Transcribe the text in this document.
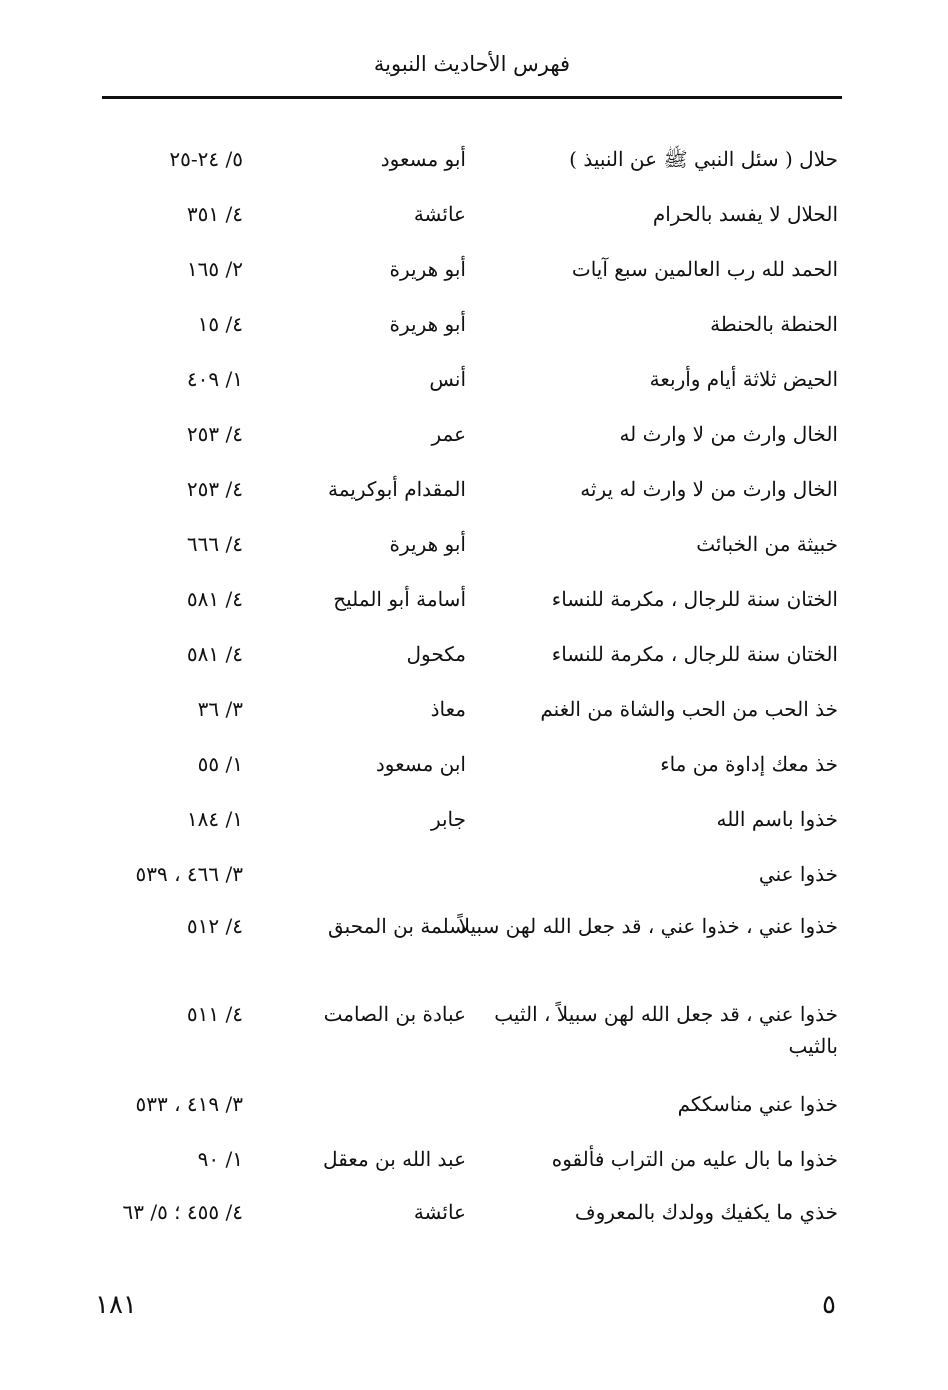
فهرس الأحاديث النبوية
حلال ( سئل النبي ﷺ عن النبيذ )
أبو مسعود
٥/ ٢٤-٢٥
الحلال لا يفسد بالحرام
عائشة
٤/ ٣٥١
الحمد لله رب العالمين سبع آيات
أبو هريرة
٢/ ١٦٥
الحنطة بالحنطة
أبو هريرة
٤/ ١٥
الحيض ثلاثة أيام وأربعة
أنس
١/ ٤٠٩
الخال وارث من لا وارث له
عمر
٤/ ٢٥٣
الخال وارث من لا وارث له يرثه
المقدام أبوكريمة
٤/ ٢٥٣
خبيثة من الخبائث
أبو هريرة
٤/ ٦٦٦
الختان سنة للرجال ، مكرمة للنساء
أسامة أبو المليح
٤/ ٥٨١
الختان سنة للرجال ، مكرمة للنساء
مكحول
٤/ ٥٨١
خذ الحب من الحب والشاة من الغنم
معاذ
٣/ ٣٦
خذ معك إداوة من ماء
ابن مسعود
١/ ٥٥
خذوا باسم الله
جابر
١/ ١٨٤
خذوا عني
٣/ ٤٦٦ ، ٥٣٩
خذوا عني ، خذوا عني ، قد جعل الله لهن سبيلاً
سلمة بن المحبق
٤/ ٥١٢
خذوا عني ، قد جعل الله لهن سبيلاً ، الثيب بالثيب
عبادة بن الصامت
٤/ ٥١١
خذوا عني مناسككم
٣/ ٤١٩ ، ٥٣٣
خذوا ما بال عليه من التراب فألقوه
عبد الله بن معقل
١/ ٩٠
خذي ما يكفيك وولدك بالمعروف
عائشة
٤/ ٤٥٥ ؛ ٥/ ٦٣
٥
١٨١
